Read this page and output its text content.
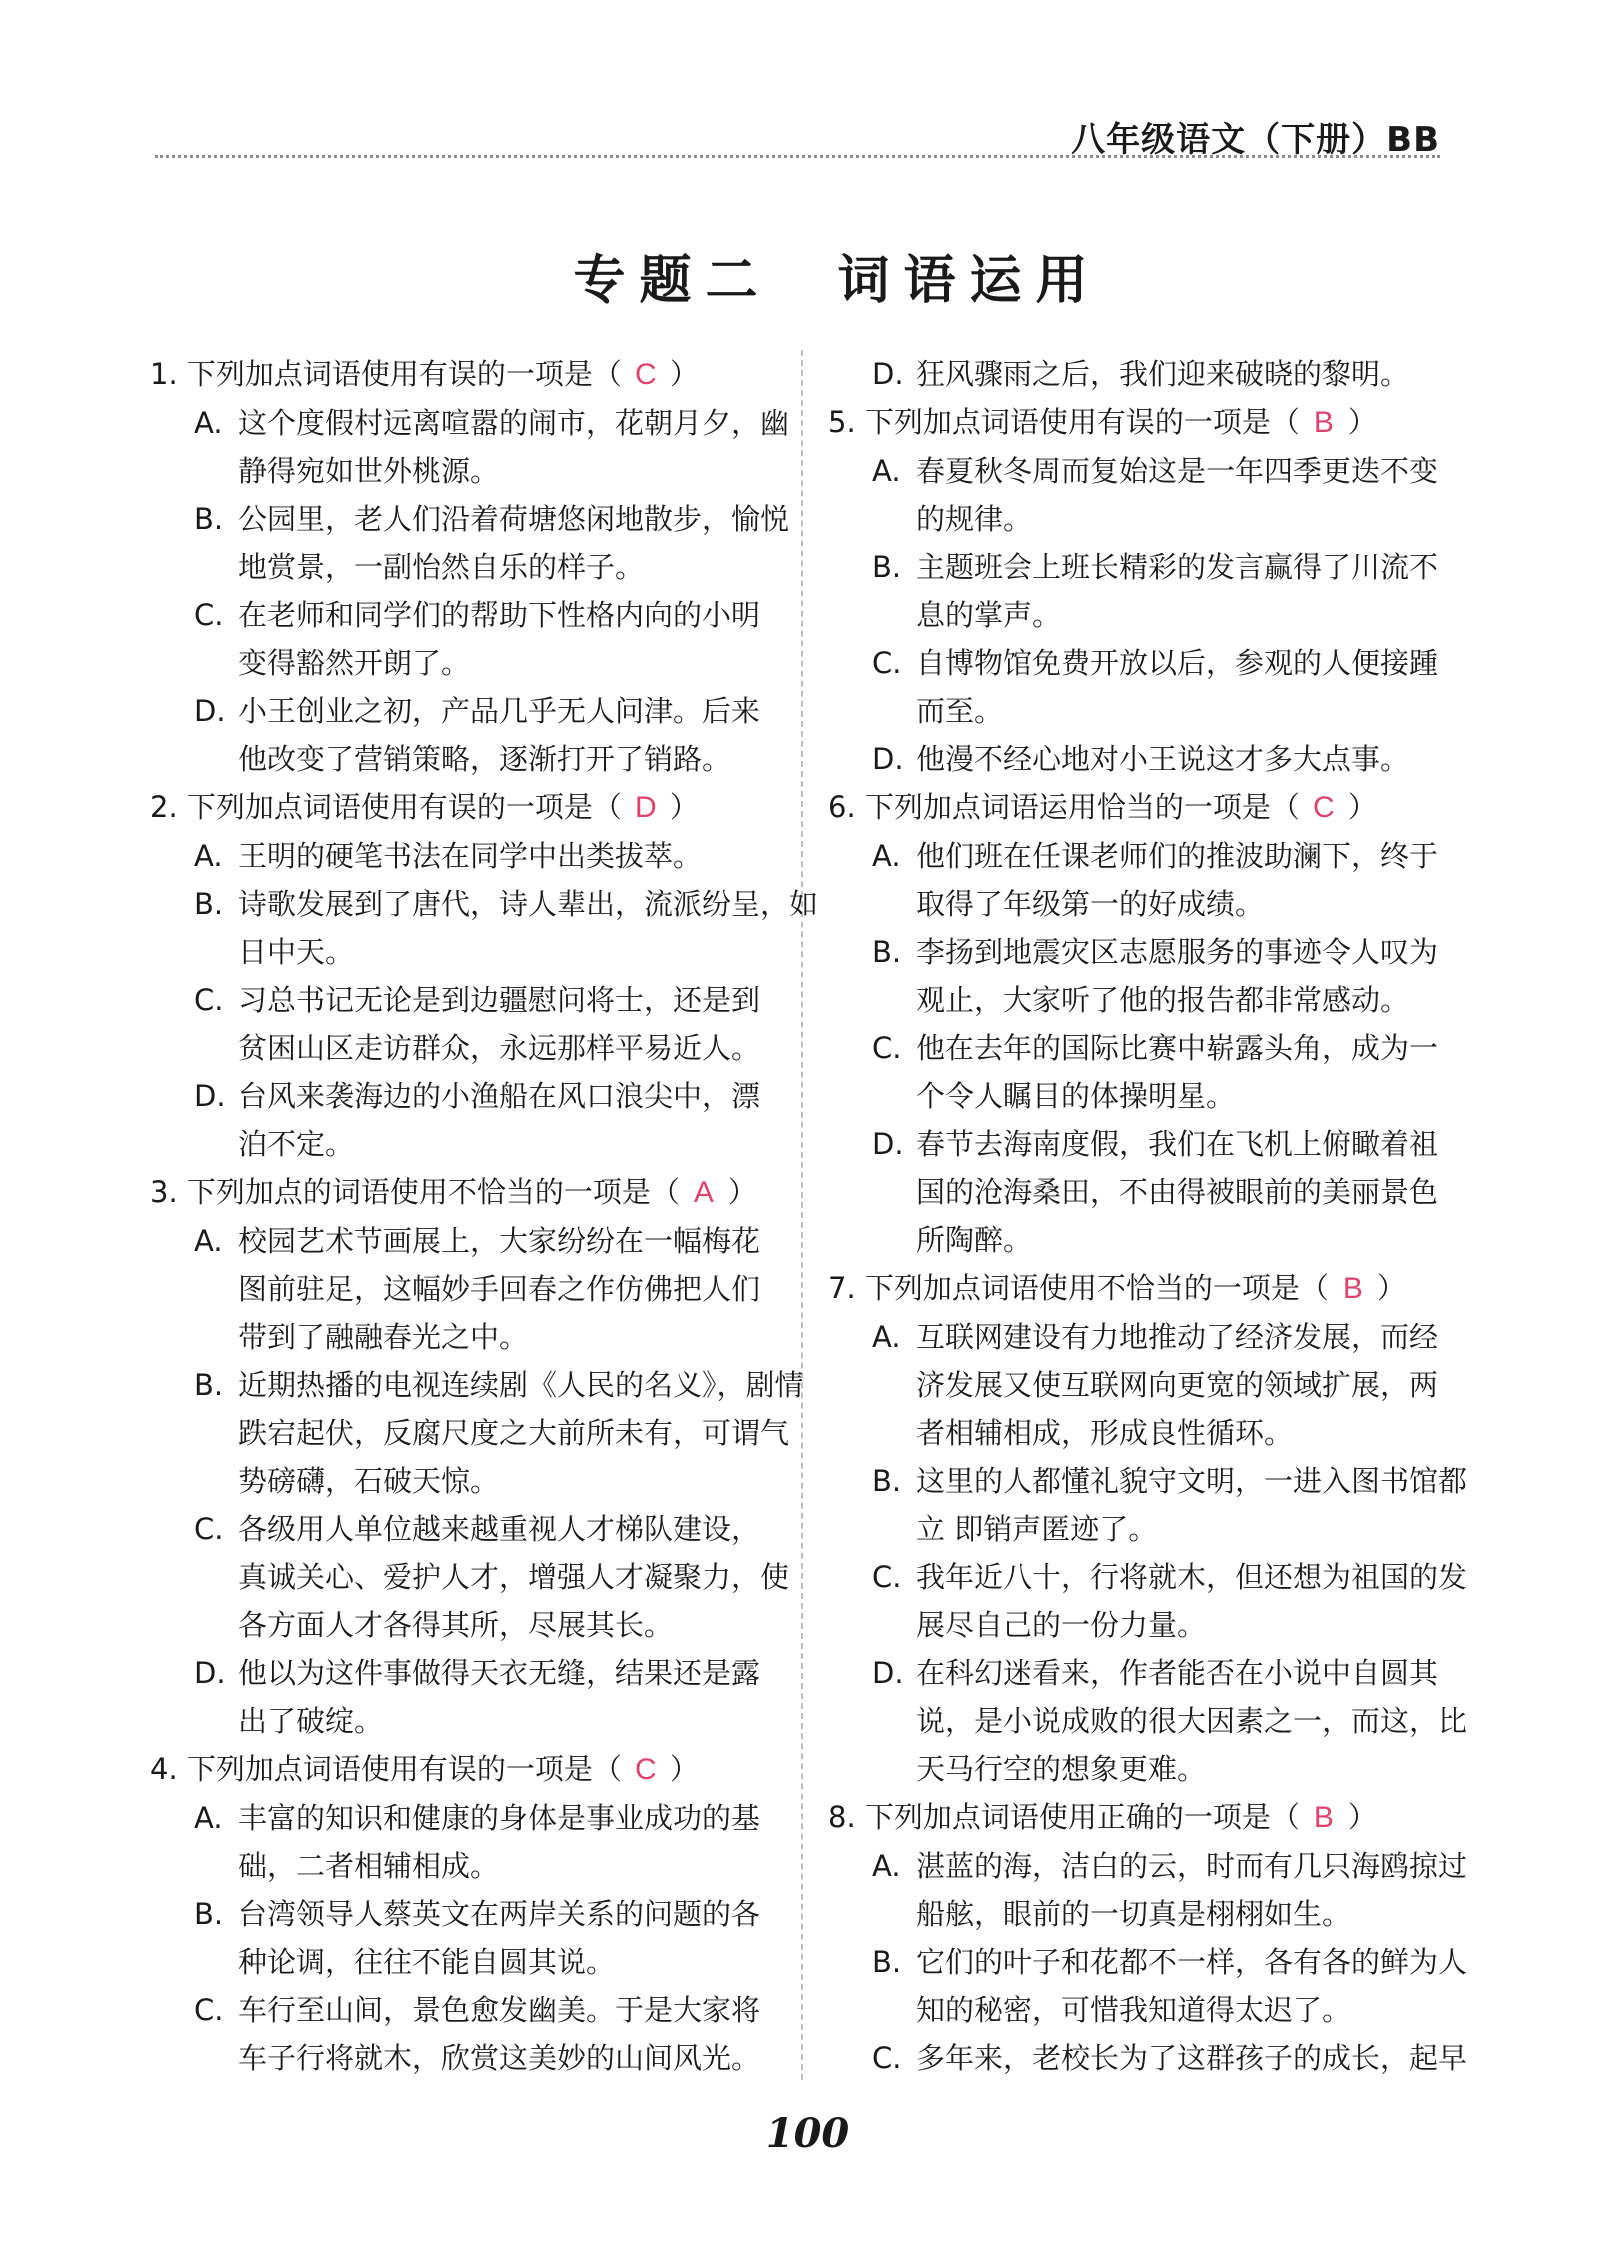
八年级语文（下册）BB
专题二　词语运用
1. 下列加点词语使用有误的一项是（ C ）
A. 这个度假村远离喧嚣的闹市，花朝月夕，幽
静得宛如世外桃源。
B. 公园里，老人们沿着荷塘悠闲地散步，愉悦
地赏景，一副怡然自乐的样子。
C. 在老师和同学们的帮助下性格内向的小明
变得豁然开朗了。
D. 小王创业之初，产品几乎无人问津。后来
他改变了营销策略，逐渐打开了销路。
2. 下列加点词语使用有误的一项是（ D ）
A. 王明的硬笔书法在同学中出类拔萃。
B. 诗歌发展到了唐代，诗人辈出，流派纷呈，如
日中天。
C. 习总书记无论是到边疆慰问将士，还是到
贫困山区走访群众，永远那样平易近人。
D. 台风来袭海边的小渔船在风口浪尖中，漂
泊不定。
3. 下列加点的词语使用不恰当的一项是（ A ）
A. 校园艺术节画展上，大家纷纷在一幅梅花
图前驻足，这幅妙手回春之作仿佛把人们
带到了融融春光之中。
B. 近期热播的电视连续剧《人民的名义》，剧情
跌宕起伏，反腐尺度之大前所未有，可谓气
势磅礴，石破天惊。
C. 各级用人单位越来越重视人才梯队建设，
真诚关心、爱护人才，增强人才凝聚力，使
各方面人才各得其所，尽展其长。
D. 他以为这件事做得天衣无缝，结果还是露
出了破绽。
4. 下列加点词语使用有误的一项是（ C ）
A. 丰富的知识和健康的身体是事业成功的基
础，二者相辅相成。
B. 台湾领导人蔡英文在两岸关系的问题的各
种论调，往往不能自圆其说。
C. 车行至山间，景色愈发幽美。于是大家将
车子行将就木，欣赏这美妙的山间风光。
D. 狂风骤雨之后，我们迎来破晓的黎明。
5. 下列加点词语使用有误的一项是（ B ）
A. 春夏秋冬周而复始这是一年四季更迭不变
的规律。
B. 主题班会上班长精彩的发言赢得了川流不
息的掌声。
C. 自博物馆免费开放以后，参观的人便接踵
而至。
D. 他漫不经心地对小王说这才多大点事。
6. 下列加点词语运用恰当的一项是（ C ）
A. 他们班在任课老师们的推波助澜下，终于
取得了年级第一的好成绩。
B. 李扬到地震灾区志愿服务的事迹令人叹为
观止，大家听了他的报告都非常感动。
C. 他在去年的国际比赛中崭露头角，成为一
个令人瞩目的体操明星。
D. 春节去海南度假，我们在飞机上俯瞰着祖
国的沧海桑田，不由得被眼前的美丽景色
所陶醉。
7. 下列加点词语使用不恰当的一项是（ B ）
A. 互联网建设有力地推动了经济发展，而经
济发展又使互联网向更宽的领域扩展，两
者相辅相成，形成良性循环。
B. 这里的人都懂礼貌守文明，一进入图书馆都
立 即销声匿迹了。
C. 我年近八十，行将就木，但还想为祖国的发
展尽自己的一份力量。
D. 在科幻迷看来，作者能否在小说中自圆其
说，是小说成败的很大因素之一，而这，比
天马行空的想象更难。
8. 下列加点词语使用正确的一项是（ B ）
A. 湛蓝的海，洁白的云，时而有几只海鸥掠过
船舷，眼前的一切真是栩栩如生。
B. 它们的叶子和花都不一样，各有各的鲜为人
知的秘密，可惜我知道得太迟了。
C. 多年来，老校长为了这群孩子的成长，起早
100
